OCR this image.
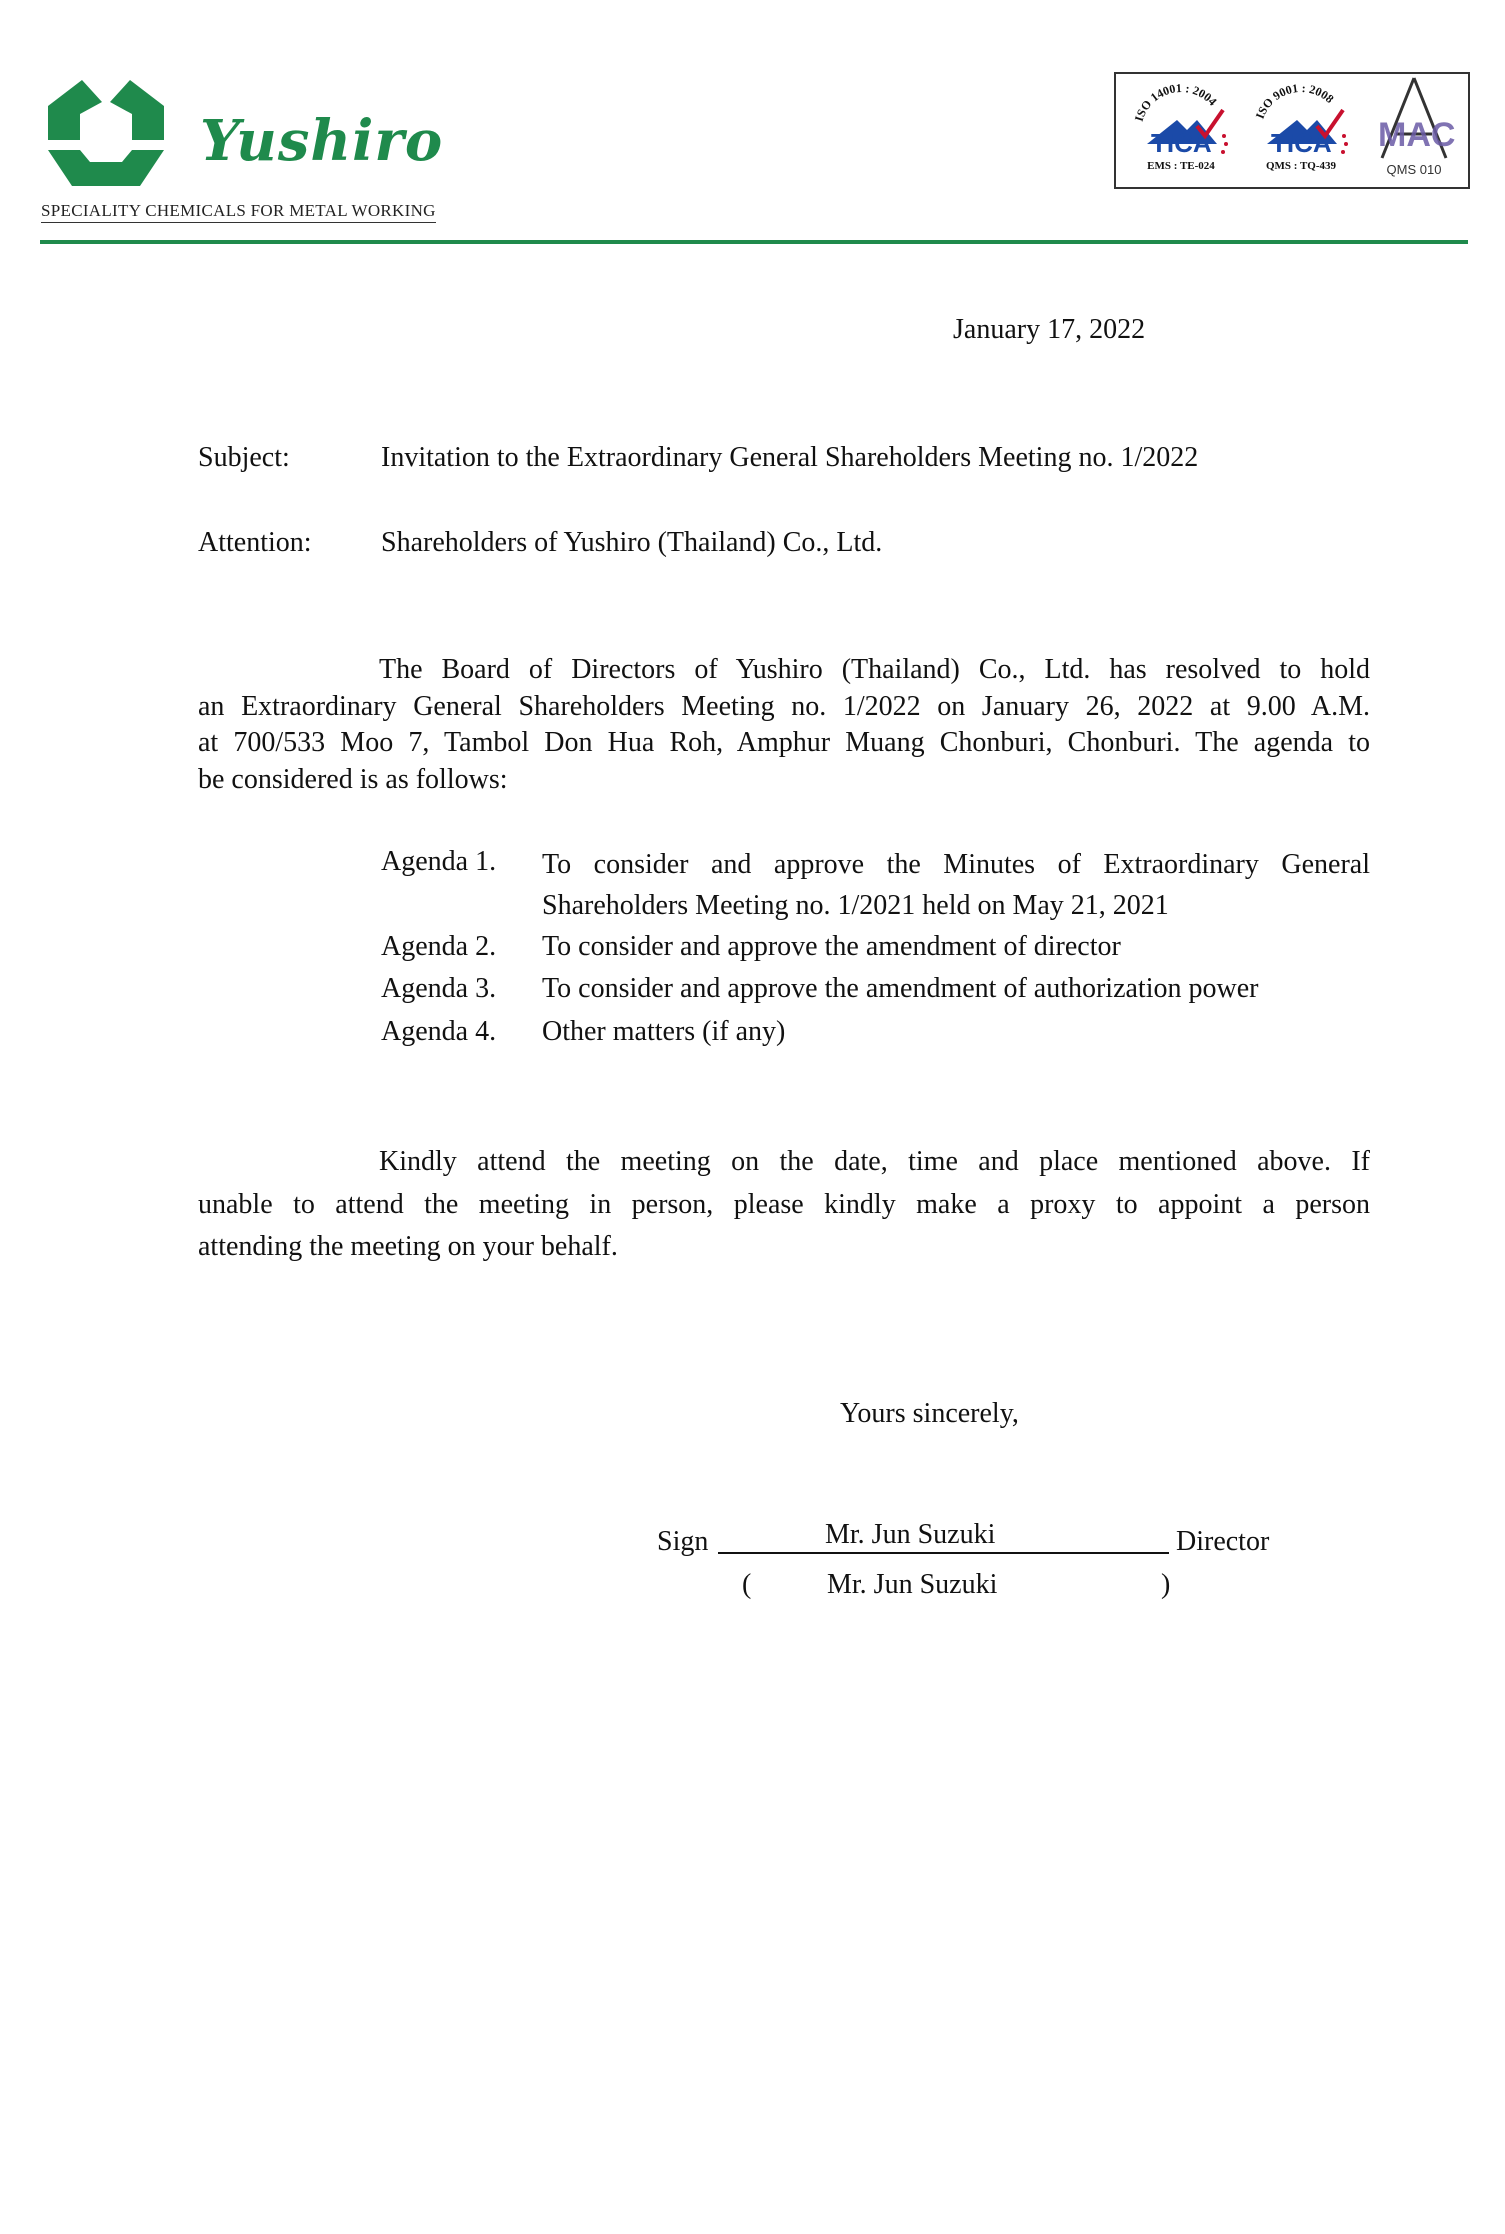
Yushiro
SPECIALITY CHEMICALS FOR METAL WORKING
ISO 14001 : 2004
TICA
EMS : TE-024
ISO 9001 : 2008
TICA
QMS : TQ-439
MAC
QMS 010
January 17, 2022
Subject:	Invitation to the Extraordinary General Shareholders Meeting no. 1/2022
Attention: Shareholders of Yushiro (Thailand) Co., Ltd.
The Board of Directors of Yushiro (Thailand) Co., Ltd. has resolved to hold
an Extraordinary General Shareholders Meeting no. 1/2022 on January 26, 2022 at 9.00 A.M.
at 700/533 Moo 7, Tambol Don Hua Roh, Amphur Muang Chonburi, Chonburi. The agenda to
be considered is as follows:
Agenda 1. To consider and approve the Minutes of Extraordinary General
Shareholders Meeting no. 1/2021 held on May 21, 2021
Agenda 2. To consider and approve the amendment of director
Agenda 3. To consider and approve the amendment of authorization power
Agenda 4. Other matters (if any)
Kindly attend the meeting on the date, time and place mentioned above. If
unable to attend the meeting in person, please kindly make a proxy to appoint a person
attending the meeting on your behalf.
Yours sincerely,
Sign	Mr. Jun Suzuki	Director
(	Mr. Jun Suzuki	)
